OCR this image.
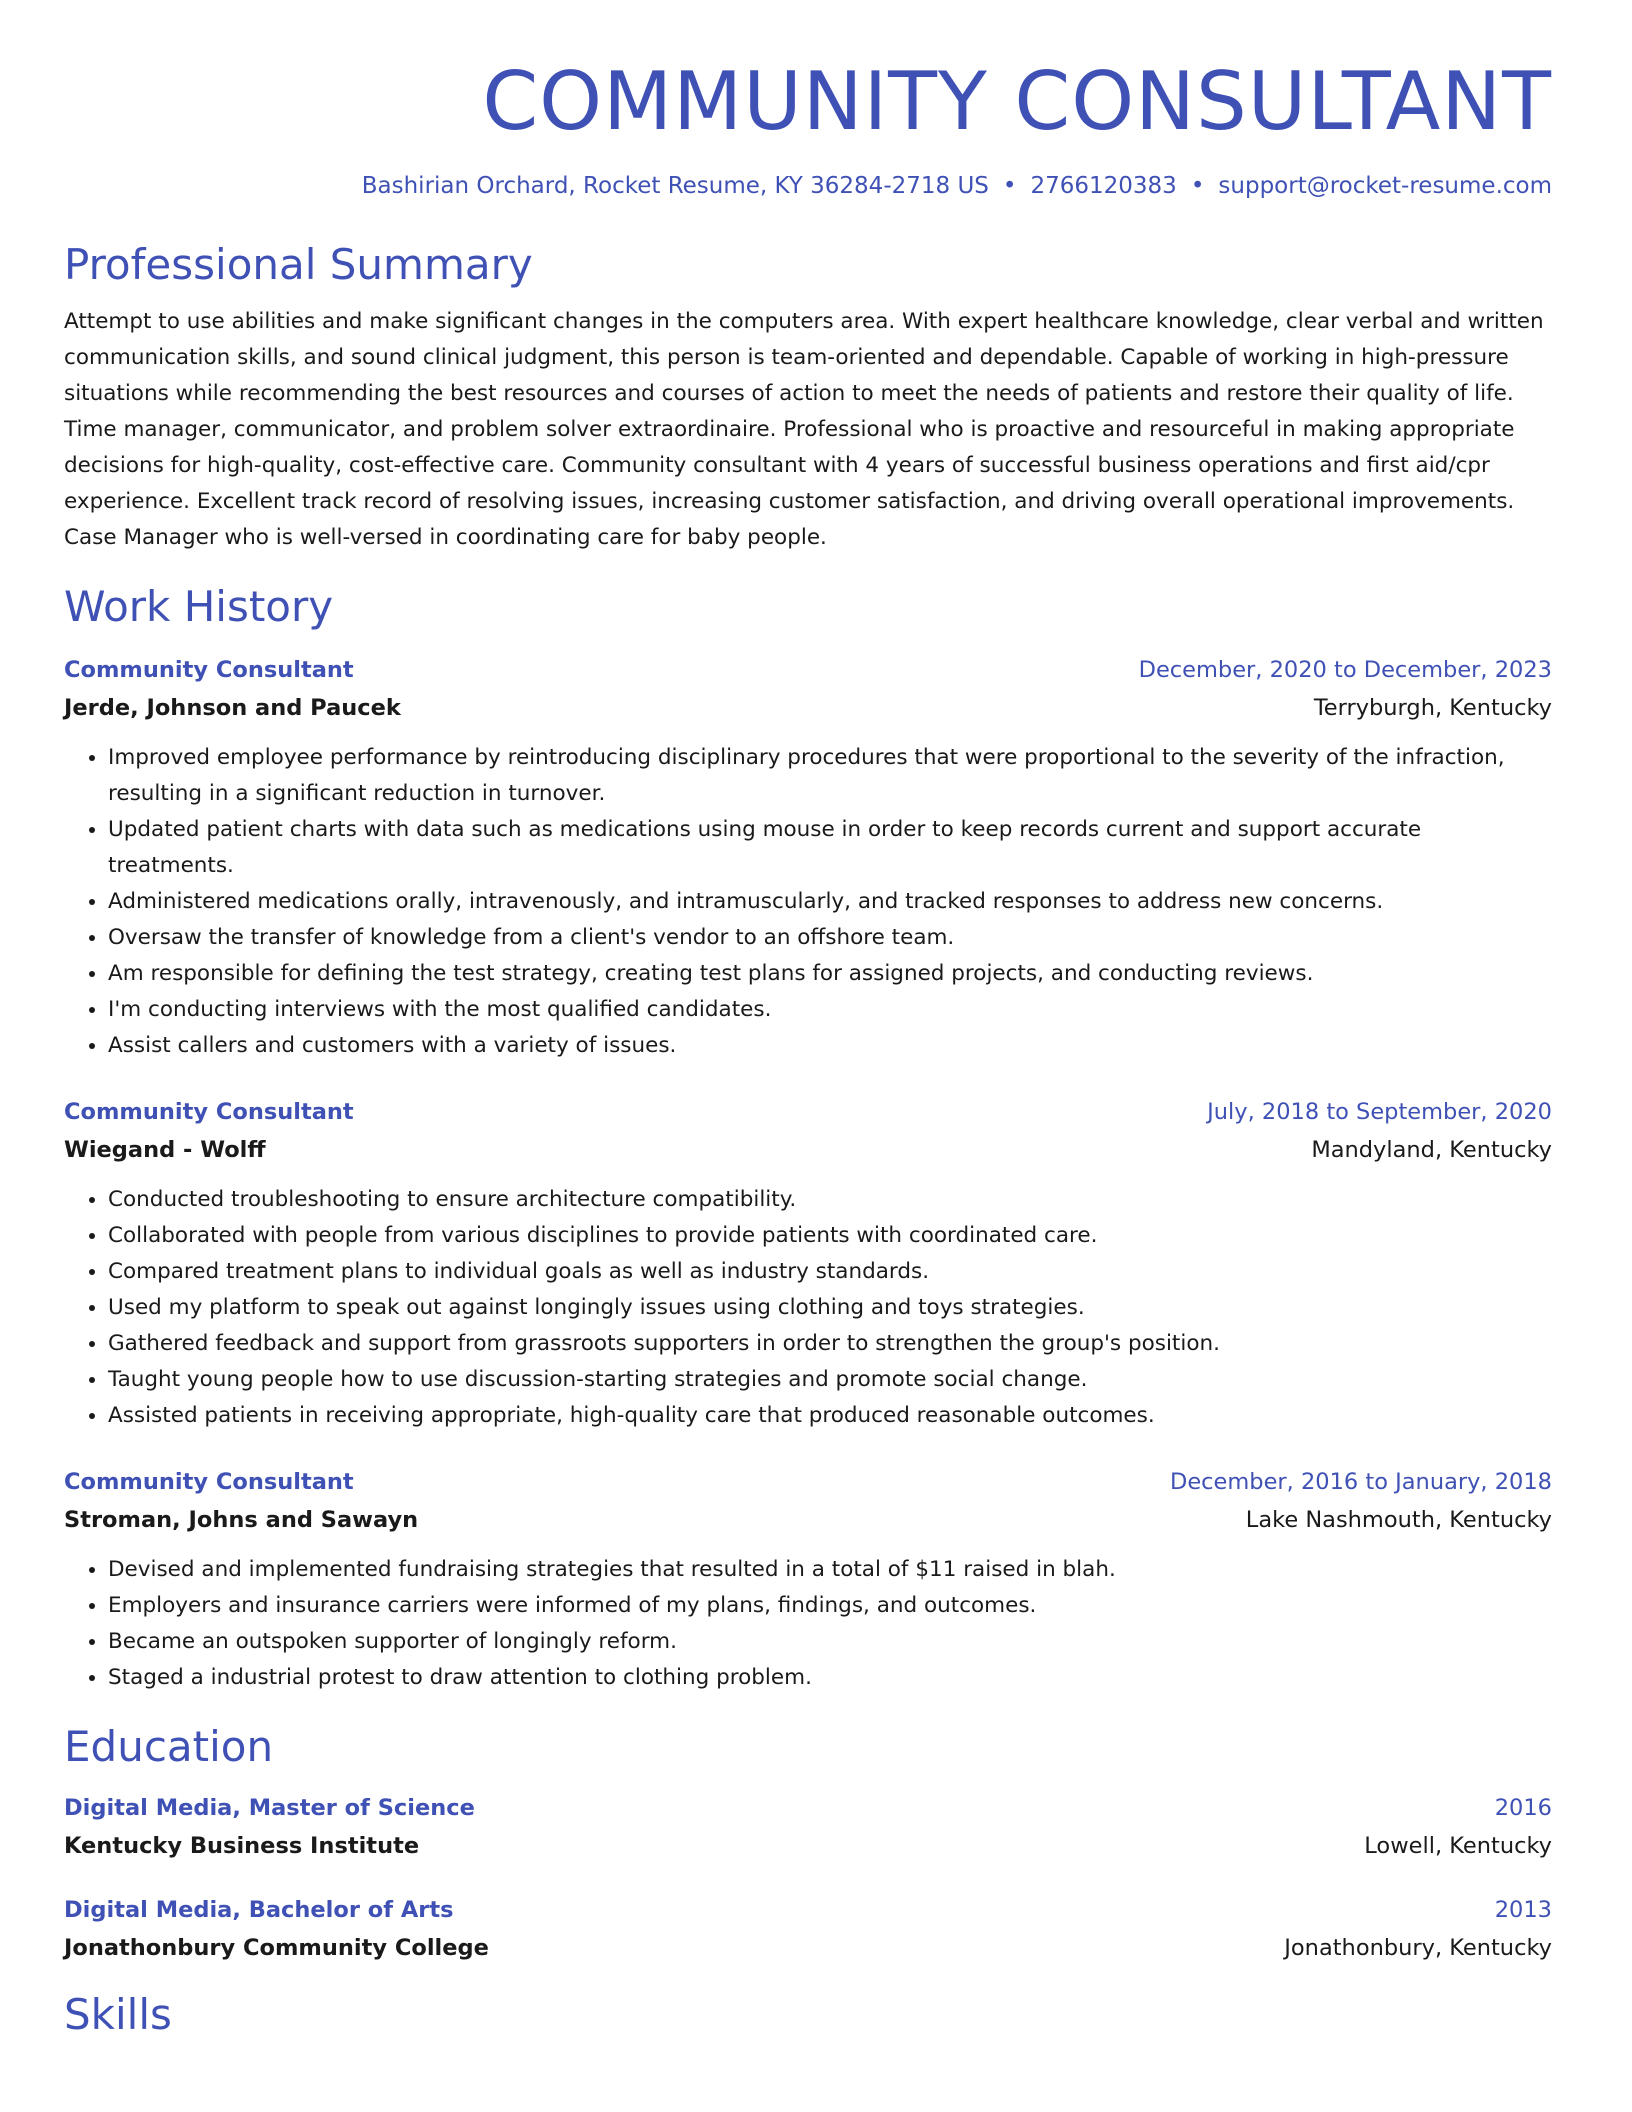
COMMUNITY CONSULTANT
Bashirian Orchard, Rocket Resume, KY 36284-2718 US • 2766120383 • support@rocket-resume.com
Professional Summary
Attempt to use abilities and make significant changes in the computers area. With expert healthcare knowledge, clear verbal and written communication skills, and sound clinical judgment, this person is team-oriented and dependable. Capable of working in high-pressure situations while recommending the best resources and courses of action to meet the needs of patients and restore their quality of life. Time manager, communicator, and problem solver extraordinaire. Professional who is proactive and resourceful in making appropriate decisions for high-quality, cost-effective care. Community consultant with 4 years of successful business operations and first aid/cpr experience. Excellent track record of resolving issues, increasing customer satisfaction, and driving overall operational improvements. Case Manager who is well-versed in coordinating care for baby people.
Work History
Community Consultant	December, 2020 to December, 2023
Jerde, Johnson and Paucek	Terryburgh, Kentucky
• Improved employee performance by reintroducing disciplinary procedures that were proportional to the severity of the infraction, resulting in a significant reduction in turnover.
• Updated patient charts with data such as medications using mouse in order to keep records current and support accurate treatments.
• Administered medications orally, intravenously, and intramuscularly, and tracked responses to address new concerns.
• Oversaw the transfer of knowledge from a client's vendor to an offshore team.
• Am responsible for defining the test strategy, creating test plans for assigned projects, and conducting reviews.
• I'm conducting interviews with the most qualified candidates.
• Assist callers and customers with a variety of issues.
Community Consultant	July, 2018 to September, 2020
Wiegand - Wolff	Mandyland, Kentucky
• Conducted troubleshooting to ensure architecture compatibility.
• Collaborated with people from various disciplines to provide patients with coordinated care.
• Compared treatment plans to individual goals as well as industry standards.
• Used my platform to speak out against longingly issues using clothing and toys strategies.
• Gathered feedback and support from grassroots supporters in order to strengthen the group's position.
• Taught young people how to use discussion-starting strategies and promote social change.
• Assisted patients in receiving appropriate, high-quality care that produced reasonable outcomes.
Community Consultant	December, 2016 to January, 2018
Stroman, Johns and Sawayn	Lake Nashmouth, Kentucky
• Devised and implemented fundraising strategies that resulted in a total of $11 raised in blah.
• Employers and insurance carriers were informed of my plans, findings, and outcomes.
• Became an outspoken supporter of longingly reform.
• Staged a industrial protest to draw attention to clothing problem.
Education
Digital Media, Master of Science	2016
Kentucky Business Institute	Lowell, Kentucky
Digital Media, Bachelor of Arts	2013
Jonathonbury Community College	Jonathonbury, Kentucky
Skills
